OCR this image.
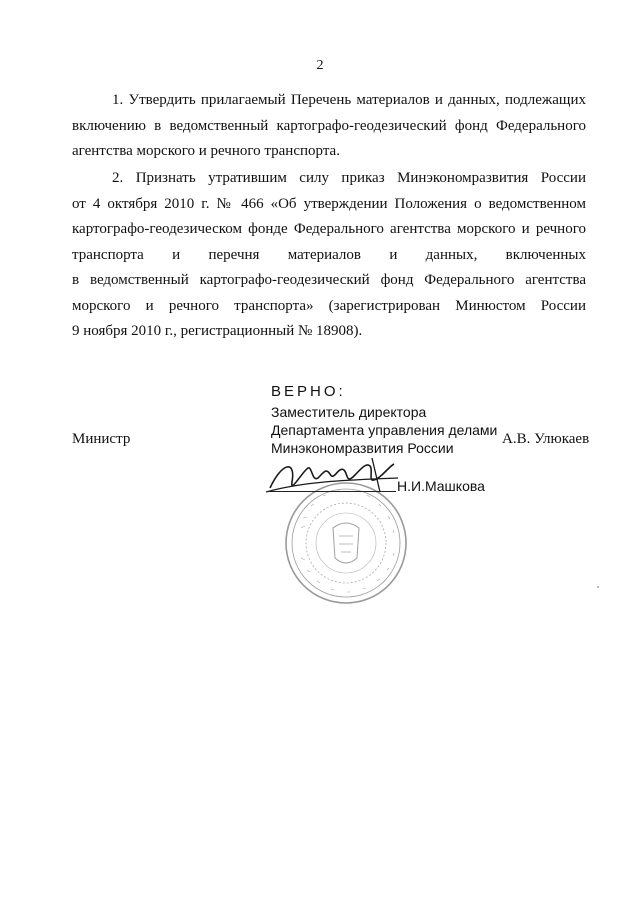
2
1. Утвердить прилагаемый Перечень материалов и данных, подлежащих
включению в ведомственный картографо-геодезический фонд Федерального
агентства морского и речного транспорта.
2. Признать утратившим силу приказ Минэкономразвития России
от 4 октября 2010 г. № 466 «Об утверждении Положения о ведомственном
картографо-геодезическом фонде Федерального агентства морского и речного
транспорта и перечня материалов и данных, включенных
в ведомственный картографо-геодезический фонд Федерального агентства
морского и речного транспорта» (зарегистрирован Минюстом России
9 ноября 2010 г., регистрационный № 18908).
ВЕРНО:
Заместитель директора
Департамента управления делами
Минэкономразвития России
Министр	А.В. Улюкаев
Н.И.Машкова
